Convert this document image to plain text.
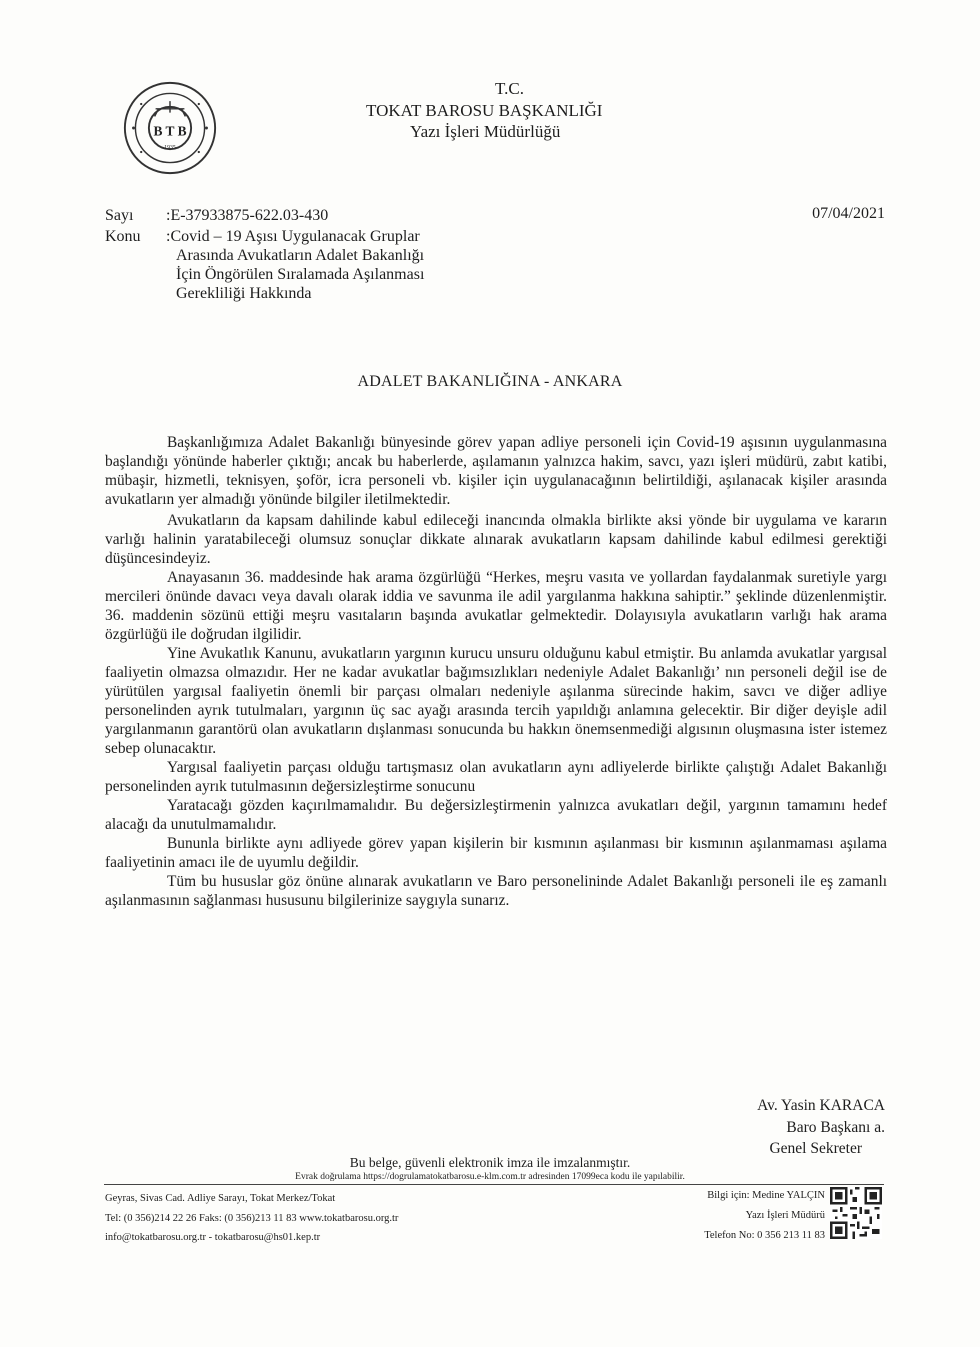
B T B
1935
T.C.
TOKAT BAROSU BAŞKANLIĞI
Yazı İşleri Müdürlüğü
Sayı :E-37933875-622.03-430
Konu :Covid – 19 Aşısı Uygulanacak Gruplar
Arasında Avukatların Adalet Bakanlığı
İçin Öngörülen Sıralamada Aşılanması
Gerekliliği Hakkında
07/04/2021
ADALET BAKANLIĞINA - ANKARA

Başkanlığımıza Adalet Bakanlığı bünyesinde görev yapan adliye personeli için Covid-19 aşısının uygulanmasına başlandığı yönünde haberler çıktığı; ancak bu haberlerde, aşılamanın yalnızca hakim, savcı, yazı işleri müdürü, zabıt katibi, mübaşir, hizmetli, teknisyen, şoför, icra personeli vb. kişiler için uygulanacağının belirtildiği, aşılanacak kişiler arasında avukatların yer almadığı yönünde bilgiler iletilmektedir.

Avukatların da kapsam dahilinde kabul edileceği inancında olmakla birlikte aksi yönde bir uygulama ve kararın varlığı halinin yaratabileceği olumsuz sonuçlar dikkate alınarak avukatların kapsam dahilinde kabul edilmesi gerektiği düşüncesindeyiz.

Anayasanın 36. maddesinde hak arama özgürlüğü “Herkes, meşru vasıta ve yollardan faydalanmak suretiyle yargı mercileri önünde davacı veya davalı olarak iddia ve savunma ile adil yargılanma hakkına sahiptir.” şeklinde düzenlenmiştir. 36. maddenin sözünü ettiği meşru vasıtaların başında avukatlar gelmektedir. Dolayısıyla avukatların varlığı hak arama özgürlüğü ile doğrudan ilgilidir.

Yine Avukatlık Kanunu, avukatların yargının kurucu unsuru olduğunu kabul etmiştir. Bu anlamda avukatlar yargısal faaliyetin olmazsa olmazıdır. Her ne kadar avukatlar bağımsızlıkları nedeniyle Adalet Bakanlığı’ nın personeli değil ise de yürütülen yargısal faaliyetin önemli bir parçası olmaları nedeniyle aşılanma sürecinde hakim, savcı ve diğer adliye personelinden ayrık tutulmaları, yargının üç sac ayağı arasında tercih yapıldığı anlamına gelecektir. Bir diğer deyişle adil yargılanmanın garantörü olan avukatların dışlanması sonucunda bu hakkın önemsenmediği algısının oluşmasına ister istemez sebep olunacaktır.

Yargısal faaliyetin parçası olduğu tartışmasız olan avukatların aynı adliyelerde birlikte çalıştığı Adalet Bakanlığı personelinden ayrık tutulmasının değersizleştirme sonucunu

Yaratacağı gözden kaçırılmamalıdır. Bu değersizleştirmenin yalnızca avukatları değil, yargının tamamını hedef alacağı da unutulmamalıdır.

Bununla birlikte aynı adliyede görev yapan kişilerin bir kısmının aşılanması bir kısmının aşılanmaması aşılama faaliyetinin amacı ile de uyumlu değildir.

Tüm bu hususlar göz önüne alınarak avukatların ve Baro personelininde Adalet Bakanlığı personeli ile eş zamanlı aşılanmasının sağlanması hususunu bilgilerinize saygıyla sunarız.

Av. Yasin KARACA
Baro Başkanı a.
Genel Sekreter
Bu belge, güvenli elektronik imza ile imzalanmıştır.
Evrak doğrulama https://dogrulamatokatbarosu.e-klm.com.tr adresinden 17099eca kodu ile yapılabilir.
Geyras, Sivas Cad. Adliye Sarayı, Tokat Merkez/Tokat
Tel: (0 356)214 22 26 Faks: (0 356)213 11 83 www.tokatbarosu.org.tr
info@tokatbarosu.org.tr - tokatbarosu@hs01.kep.tr
Bilgi için: Medine YALÇIN
Yazı İşleri Müdürü
Telefon No: 0 356 213 11 83
